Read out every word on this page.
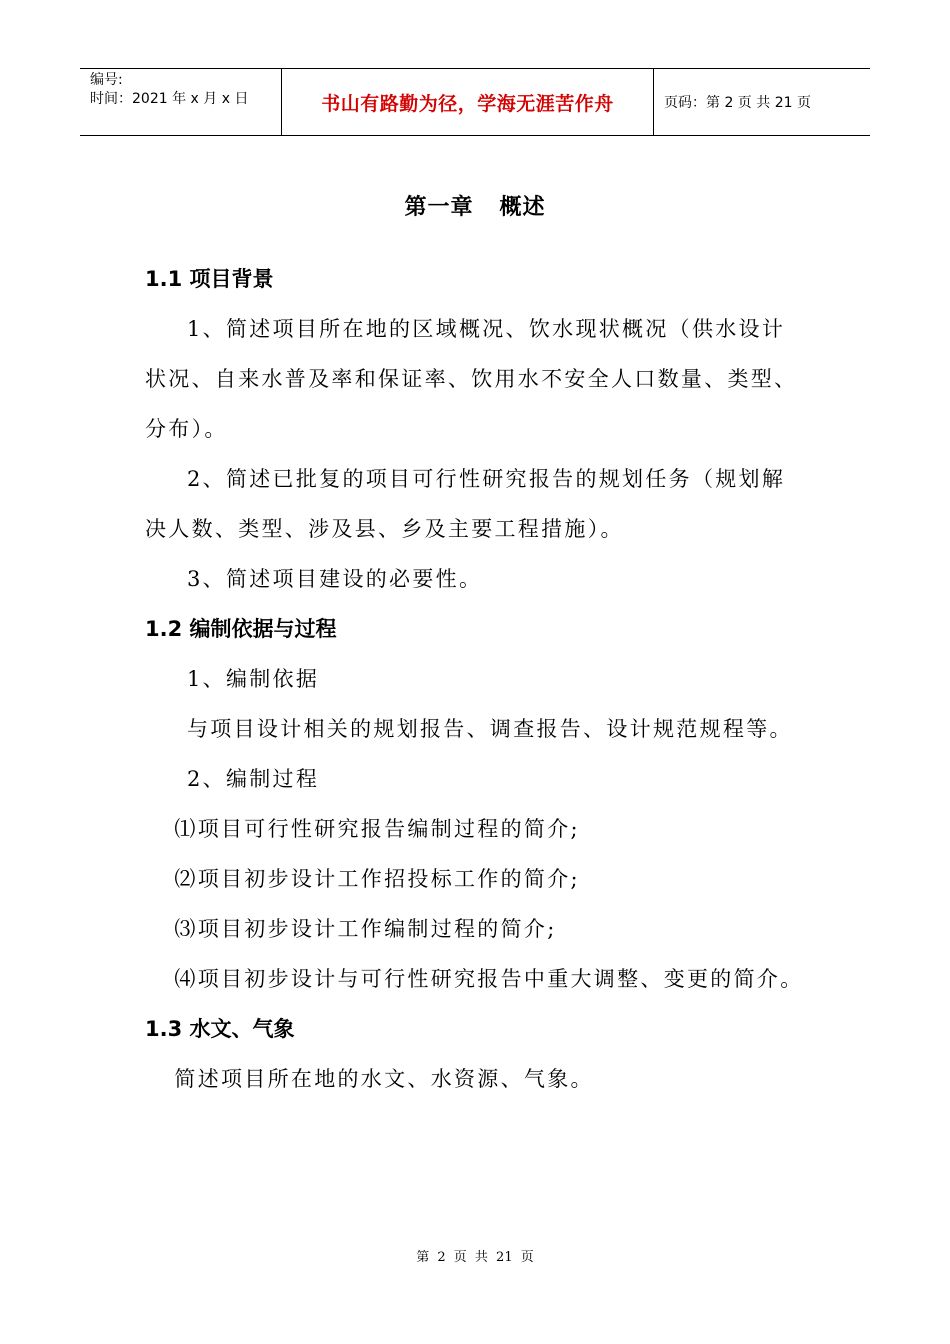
编号:
时间：2021 年 x 月 x 日	书山有路勤为径，学海无涯苦作舟	页码：第 2 页 共 21 页
第一章   概述
1.1 项目背景

1、简述项目所在地的区域概况、饮水现状概况（供水设计状况、自来水普及率和保证率、饮用水不安全人口数量、类型、分布）。

2、简述已批复的项目可行性研究报告的规划任务（规划解决人数、类型、涉及县、乡及主要工程措施）。

3、简述项目建设的必要性。

1.2 编制依据与过程

1、编制依据

与项目设计相关的规划报告、调查报告、设计规范规程等。

2、编制过程

⑴项目可行性研究报告编制过程的简介;

⑵项目初步设计工作招投标工作的简介;

⑶项目初步设计工作编制过程的简介;

⑷项目初步设计与可行性研究报告中重大调整、变更的简介。

1.3 水文、气象

简述项目所在地的水文、水资源、气象。

第 2 页 共 21 页
